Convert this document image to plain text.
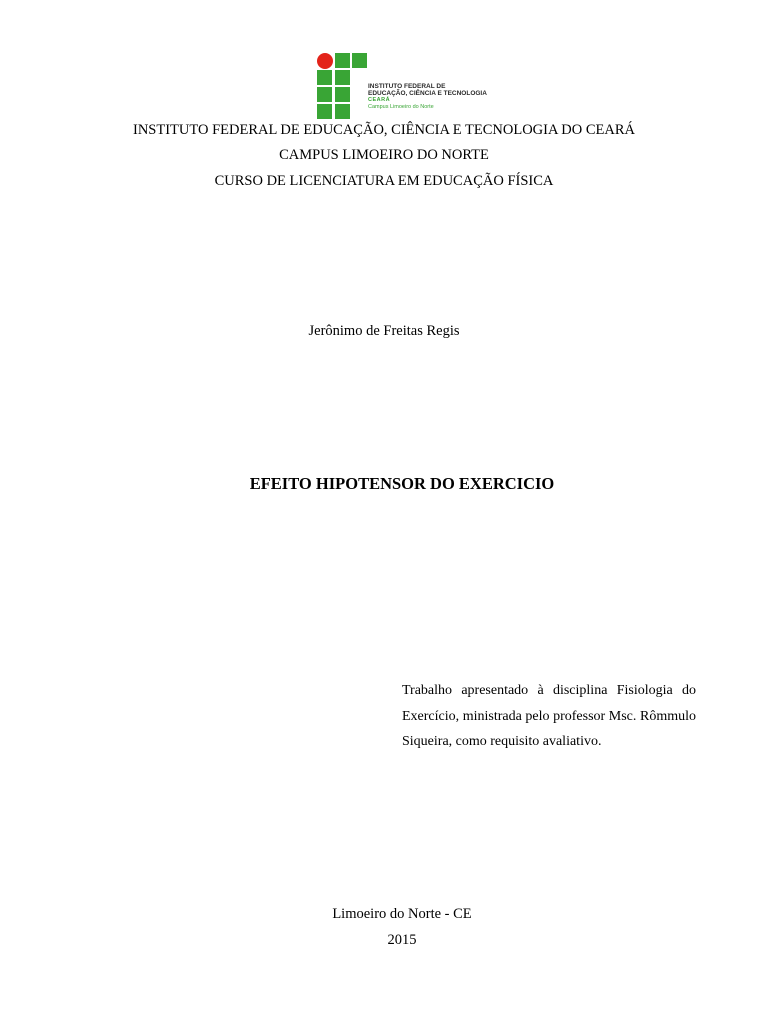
INSTITUTO FEDERAL DE
EDUCAÇÃO, CIÊNCIA E TECNOLOGIA
CEARÁ
Campus Limoeiro do Norte
INSTITUTO FEDERAL DE EDUCAÇÃO, CIÊNCIA E TECNOLOGIA DO CEARÁ
CAMPUS LIMOEIRO DO NORTE
CURSO DE LICENCIATURA EM EDUCAÇÃO FÍSICA
Jerônimo de Freitas Regis
EFEITO HIPOTENSOR DO EXERCICIO
Trabalho apresentado à disciplina Fisiologia do Exercício, ministrada pelo professor Msc. Rômmulo Siqueira, como requisito avaliativo.
Limoeiro do Norte - CE
2015
